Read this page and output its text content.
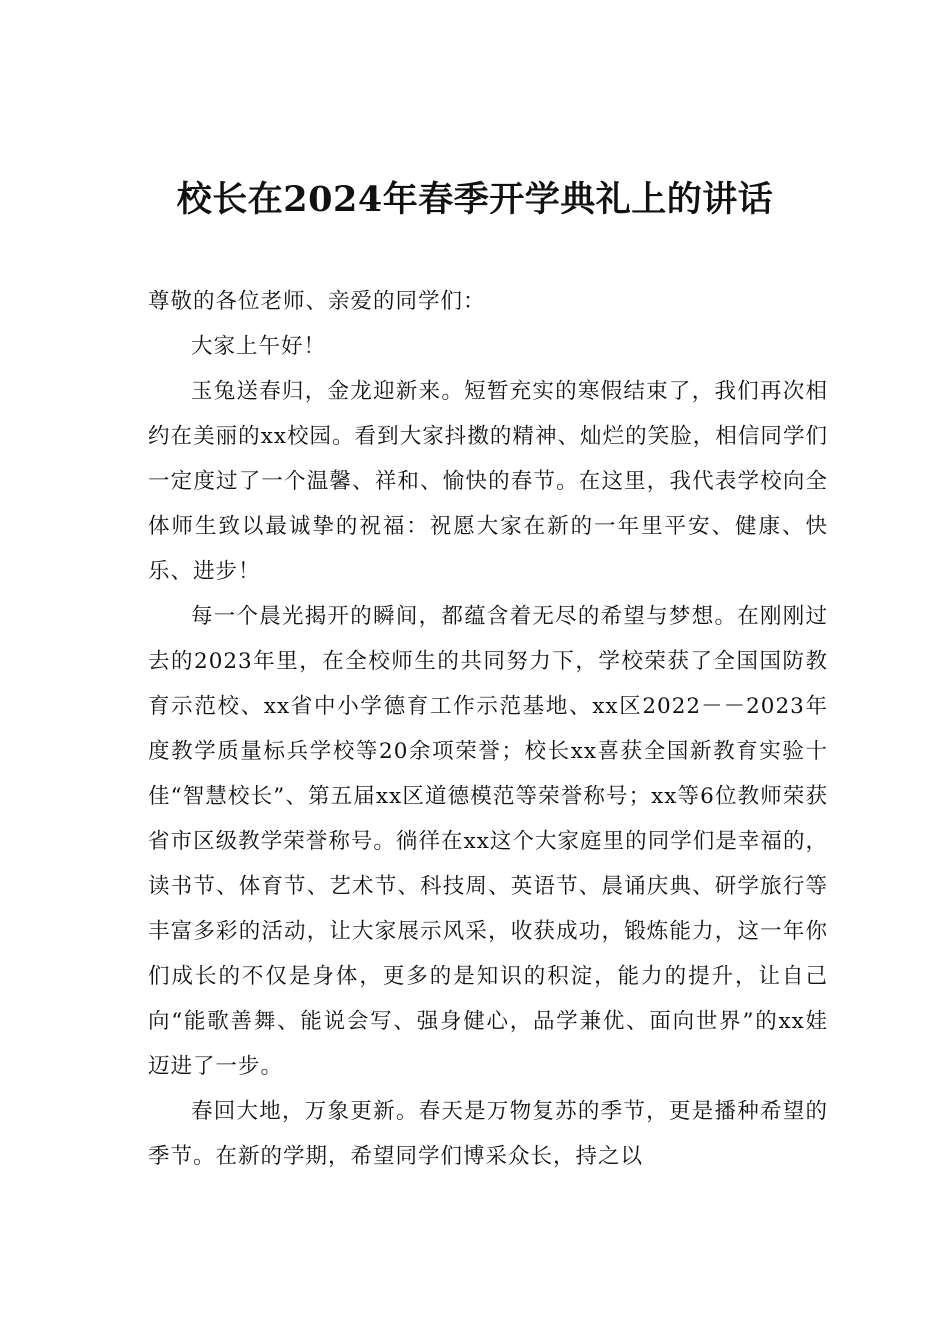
校长在2024年春季开学典礼上的讲话

尊敬的各位老师、亲爱的同学们：

大家上午好！

玉兔送春归，金龙迎新来。短暂充实的寒假结束了，我们再次相约在美丽的xx校园。看到大家抖擞的精神、灿烂的笑脸，相信同学们一定度过了一个温馨、祥和、愉快的春节。在这里，我代表学校向全体师生致以最诚挚的祝福：祝愿大家在新的一年里平安、健康、快乐、进步！

每一个晨光揭开的瞬间，都蕴含着无尽的希望与梦想。在刚刚过去的2023年里，在全校师生的共同努力下，学校荣获了全国国防教育示范校、xx省中小学德育工作示范基地、xx区2022－－2023年度教学质量标兵学校等20余项荣誉；校长xx喜获全国新教育实验十佳“智慧校长”、第五届xx区道德模范等荣誉称号；xx等6位教师荣获省市区级教学荣誉称号。徜徉在xx这个大家庭里的同学们是幸福的，读书节、体育节、艺术节、科技周、英语节、晨诵庆典、研学旅行等丰富多彩的活动，让大家展示风采，收获成功，锻炼能力，这一年你们成长的不仅是身体，更多的是知识的积淀，能力的提升，让自己向“能歌善舞、能说会写、强身健心，品学兼优、面向世界”的xx娃迈进了一步。

春回大地，万象更新。春天是万物复苏的季节，更是播种希望的季节。在新的学期，希望同学们博采众长，持之以
